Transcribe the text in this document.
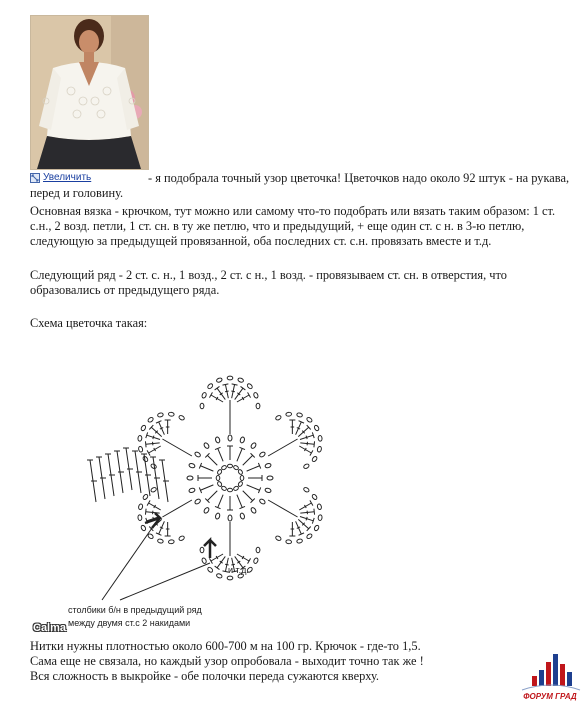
Увеличить	- я подобрала точный узор цветочка! Цветочков надо около 92 штук - на рукава, перед и головину.
Основная вязка - крючком, тут можно или самому что-то подобрать или вязать таким образом: 1 ст. с.н., 2 возд. петли, 1 ст. сн. в ту же петлю, что и предыдущий, + еще один ст. с н. в 3-ю петлю, следующую за предыдущей провязанной, оба последних ст. с.н. провязать вместе и т.д.
Следующий ряд - 2 ст. с. н., 1 возд., 2 ст. с н., 1 возд. - провязываем ст. сн. в отверстия, что образовались от предыдущего ряда.
Схема цветочка такая:
и т.д.
столбики б/н в предыдущий ряд
между двумя ст.с 2 накидами
Calma
Нитки нужны плотностью около 600-700 м на 100 гр. Крючок - где-то 1,5.
Сама еще не связала, но каждый узор опробовала - выходит точно так же !
Вся сложность в выкройке - обе полочки переда сужаются кверху.
ФОРУМ ГРАД
